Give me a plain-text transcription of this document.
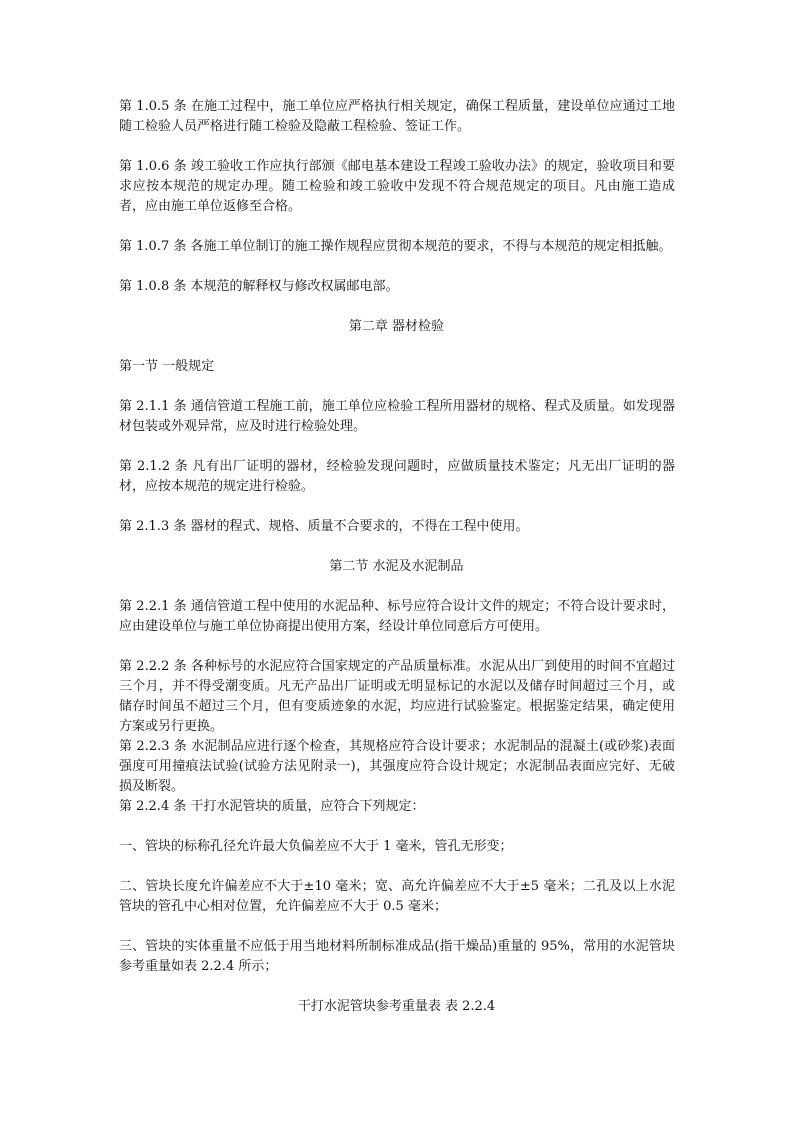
第 1.0.5 条 在施工过程中，施工单位应严格执行相关规定，确保工程质量，建设单位应通过工地随工检验人员严格进行随工检验及隐蔽工程检验、签证工作。

第 1.0.6 条 竣工验收工作应执行部颁《邮电基本建设工程竣工验收办法》的规定，验收项目和要求应按本规范的规定办理。随工检验和竣工验收中发现不符合规范规定的项目。凡由施工造成者，应由施工单位返修至合格。

第 1.0.7 条 各施工单位制订的施工操作规程应贯彻本规范的要求，不得与本规范的规定相抵触。

第 1.0.8 条 本规范的解释权与修改权属邮电部。

第二章 器材检验

第一节 一般规定

第 2.1.1 条 通信管道工程施工前，施工单位应检验工程所用器材的规格、程式及质量。如发现器材包装或外观异常，应及时进行检验处理。

第 2.1.2 条 凡有出厂证明的器材，经检验发现问题时，应做质量技术鉴定；凡无出厂证明的器材，应按本规范的规定进行检验。

第 2.1.3 条 器材的程式、规格、质量不合要求的，不得在工程中使用。

第二节 水泥及水泥制品

第 2.2.1 条 通信管道工程中使用的水泥品种、标号应符合设计文件的规定；不符合设计要求时，应由建设单位与施工单位协商提出使用方案，经设计单位同意后方可使用。

第 2.2.2 条 各种标号的水泥应符合国家规定的产品质量标准。水泥从出厂到使用的时间不宜超过三个月，并不得受潮变质。凡无产品出厂证明或无明显标记的水泥以及储存时间超过三个月，或储存时间虽不超过三个月，但有变质迹象的水泥，均应进行试验鉴定。根据鉴定结果，确定使用方案或另行更换。

第 2.2.3 条 水泥制品应进行逐个检查，其规格应符合设计要求；水泥制品的混凝土(或砂浆)表面强度可用撞痕法试验(试验方法见附录一)，其强度应符合设计规定；水泥制品表面应完好、无破损及断裂。

第 2.2.4 条 干打水泥管块的质量，应符合下列规定：

一、管块的标称孔径允许最大负偏差应不大于 1 毫米，管孔无形变；

二、管块长度允许偏差应不大于±10 毫米；宽、高允许偏差应不大于±5 毫米；二孔及以上水泥管块的管孔中心相对位置，允许偏差应不大于 0.5 毫米；

三、管块的实体重量不应低于用当地材料所制标准成品(指干燥品)重量的 95%，常用的水泥管块参考重量如表 2.2.4 所示；

干打水泥管块参考重量表 表 2.2.4
